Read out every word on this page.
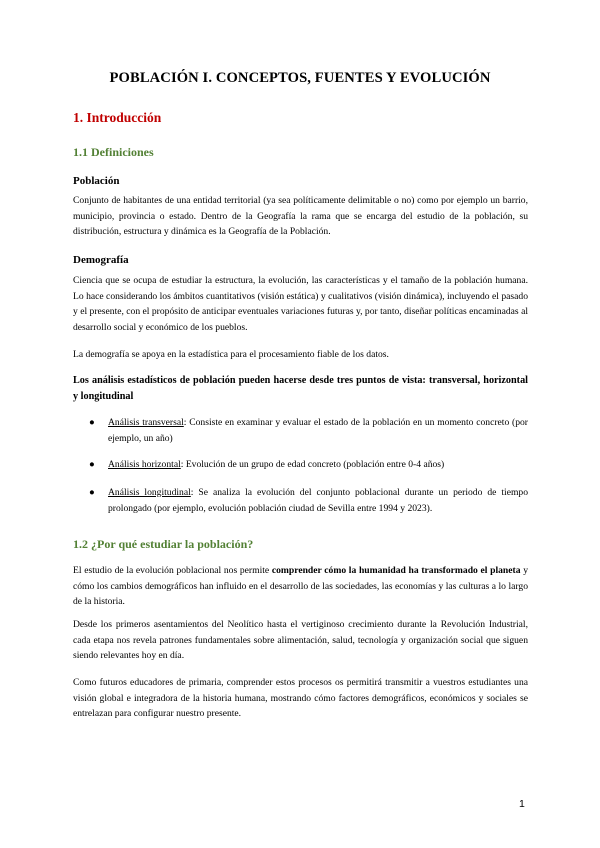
POBLACIÓN I. CONCEPTOS, FUENTES Y EVOLUCIÓN
1. Introducción
1.1 Definiciones
Población
Conjunto de habitantes de una entidad territorial (ya sea políticamente delimitable o no) como por ejemplo un barrio, municipio, provincia o estado. Dentro de la Geografía la rama que se encarga del estudio de la población, su distribución, estructura y dinámica es la Geografía de la Población.
Demografía
Ciencia que se ocupa de estudiar la estructura, la evolución, las características y el tamaño de la población humana. Lo hace considerando los ámbitos cuantitativos (visión estática) y cualitativos (visión dinámica), incluyendo el pasado y el presente, con el propósito de anticipar eventuales variaciones futuras y, por tanto, diseñar políticas encaminadas al desarrollo social y económico de los pueblos.
La demografía se apoya en la estadística para el procesamiento fiable de los datos.
Los análisis estadísticos de población pueden hacerse desde tres puntos de vista: transversal, horizontal y longitudinal
● Análisis transversal: Consiste en examinar y evaluar el estado de la población en un momento concreto (por ejemplo, un año)
● Análisis horizontal: Evolución de un grupo de edad concreto (población entre 0-4 años)
● Análisis longitudinal: Se analiza la evolución del conjunto poblacional durante un periodo de tiempo prolongado (por ejemplo, evolución población ciudad de Sevilla entre 1994 y 2023).
1.2 ¿Por qué estudiar la población?
El estudio de la evolución poblacional nos permite comprender cómo la humanidad ha transformado el planeta y cómo los cambios demográficos han influido en el desarrollo de las sociedades, las economías y las culturas a lo largo de la historia.
Desde los primeros asentamientos del Neolítico hasta el vertiginoso crecimiento durante la Revolución Industrial, cada etapa nos revela patrones fundamentales sobre alimentación, salud, tecnología y organización social que siguen siendo relevantes hoy en día.
Como futuros educadores de primaria, comprender estos procesos os permitirá transmitir a vuestros estudiantes una visión global e integradora de la historia humana, mostrando cómo factores demográficos, económicos y sociales se entrelazan para configurar nuestro presente.
1
